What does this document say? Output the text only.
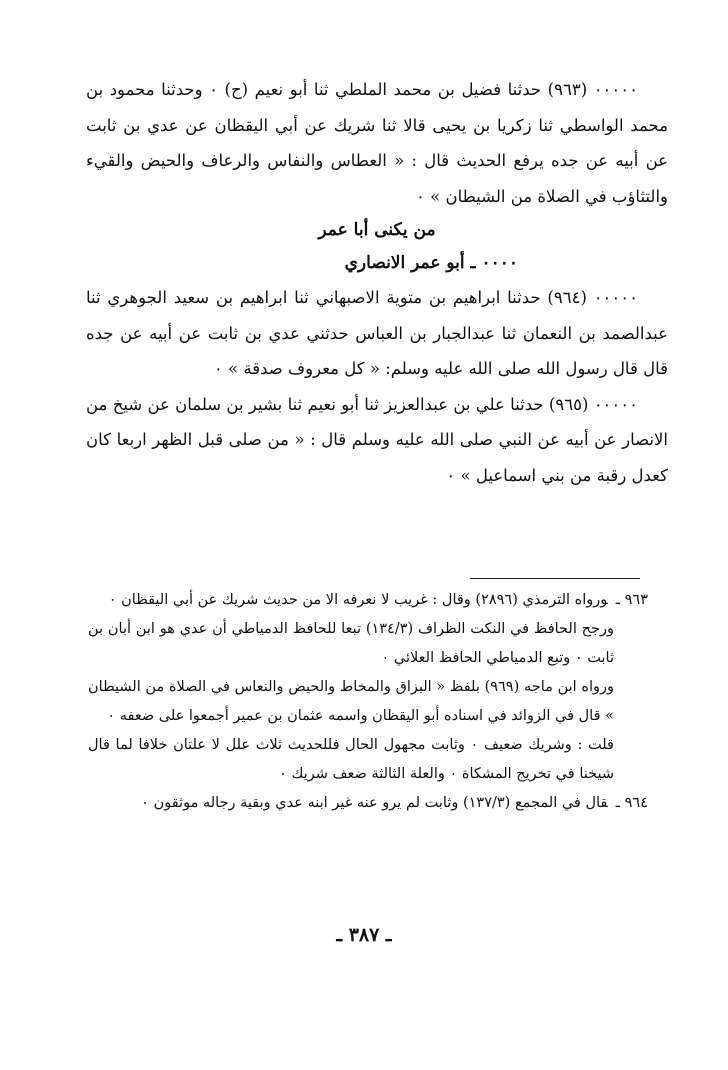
٠٠٠٠٠ (٩٦٣) حدثنا فضيل بن محمد الملطي ثنا أبو نعيم (ح) ٠ وحدثنا محمود بن محمد الواسطي ثنا زكريا بن يحيى قالا ثنا شريك عن أبي اليقظان عن عدي بن ثابت عن أبيه عن جده يرفع الحديث قال : « العطاس والنفاس والرعاف والحيض والقيء والتثاؤب في الصلاة من الشيطان » ٠

من يكنى أبا عمر
٠٠٠٠ ـ أبو عمر الانصاري

٠٠٠٠٠ (٩٦٤) حدثنا ابراهيم بن متوية الاصبهاني ثنا ابراهيم بن سعيد الجوهري ثنا عبدالصمد بن النعمان ثنا عبدالجبار بن العباس حدثني عدي بن ثابت عن أبيه عن جده قال قال رسول الله صلى الله عليه وسلم: « كل معروف صدقة » ٠

٠٠٠٠٠ (٩٦٥) حدثنا علي بن عبدالعزيز ثنا أبو نعيم ثنا بشير بن سلمان عن شيخ من الانصار عن أبيه عن النبي صلى الله عليه وسلم قال : « من صلى قبل الظهر اربعا كان كعدل رقبة من بني اسماعيل » ٠

٩٦٣ ـورواه الترمذي (٢٨٩٦) وقال : غريب لا نعرفه الا من حديث شريك عن أبي اليقظان ٠

ورجح الحافظ في النكت الظراف (١٣٤/٣) تبعا للحافظ الدمياطي أن عدي هو ابن أبان بن ثابت ٠ وتبع الدمياطي الحافظ العلائي ٠

ورواه ابن ماجه (٩٦٩) بلفظ « البزاق والمخاط والحيض والنعاس في الصلاة من الشيطان » قال في الزوائد في اسناده أبو اليقظان واسمه عثمان بن عمير أجمعوا على ضعفه ٠

قلت : وشريك ضعيف ٠ وثابت مجهول الحال فللحديث ثلاث علل لا علتان خلافا لما قال شيخنا في تخريج المشكاة ٠ والعلة الثالثة ضعف شريك ٠

٩٦٤ ـقال في المجمع (١٣٧/٣) وثابت لم يرو عنه غير ابنه عدي وبقية رجاله موثقون ٠

ـ ٣٨٧ ـ
